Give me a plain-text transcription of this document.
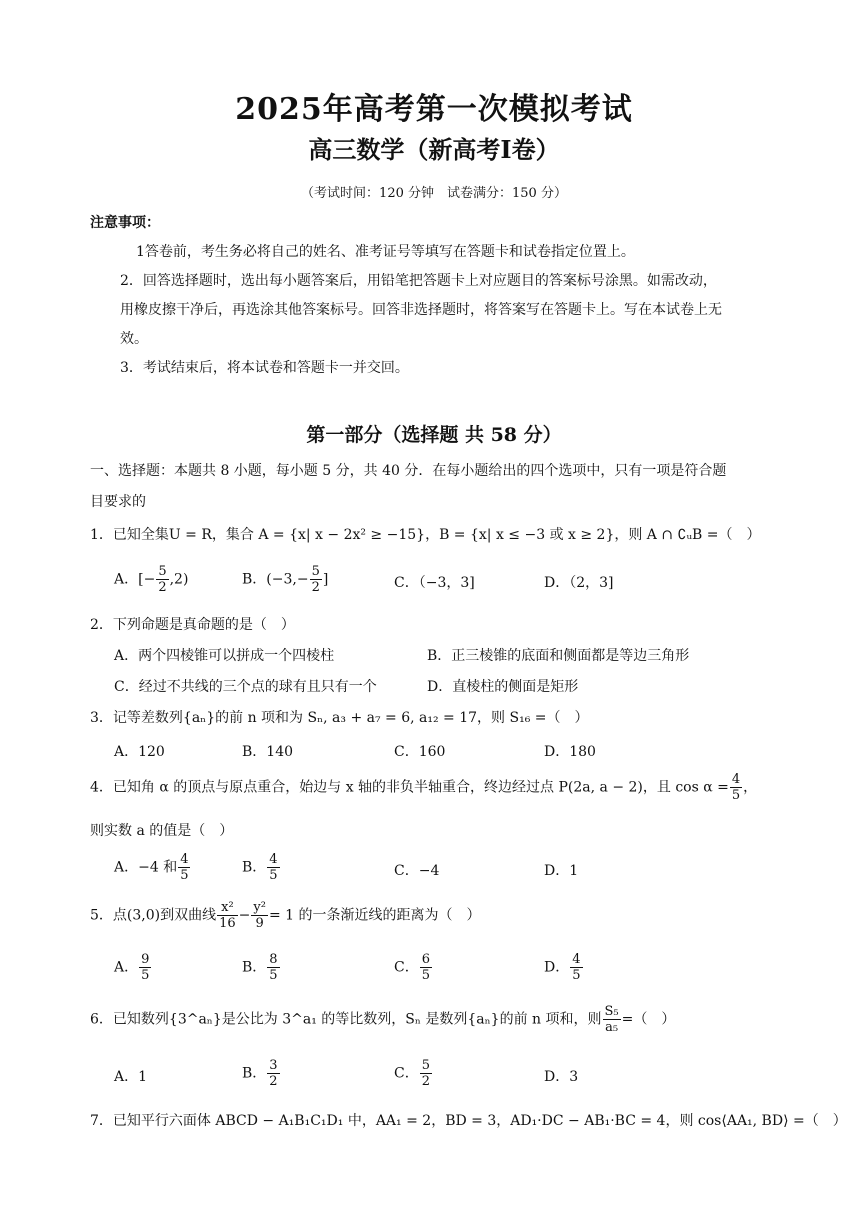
2025年高考第一次模拟考试
高三数学（新高考I卷）
（考试时间：120 分钟　试卷满分：150 分）
注意事项：
1答卷前，考生务必将自己的姓名、准考证号等填写在答题卡和试卷指定位置上。
2．回答选择题时，选出每小题答案后，用铅笔把答题卡上对应题目的答案标号涂黑。如需改动，
用橡皮擦干净后，再选涂其他答案标号。回答非选择题时，将答案写在答题卡上。写在本试卷上无
效。
3．考试结束后，将本试卷和答题卡一并交回。
第一部分（选择题 共 58 分）
一、选择题：本题共 8 小题，每小题 5 分，共 40 分．在每小题给出的四个选项中，只有一项是符合题
目要求的
1．已知全集U = R，集合 A = {x| x − 2x² ≥ −15}，B = {x| x ≤ −3 或 x ≥ 2}，则 A ∩ ∁ᵤB =（　）
A．[− $\frac{5}{2} ,2$)	B．($-3,- \frac{5}{2}$ ]	C．（−3，3]	D．（2，3]
2．下列命题是真命题的是（　）
A．两个四棱锥可以拼成一个四棱柱	B．正三棱锥的底面和侧面都是等边三角形
C．经过不共线的三个点的球有且只有一个	D．直棱柱的侧面是矩形
3．记等差数列{aₙ}的前 n 项和为 Sₙ, a₃ + a₇ = 6, a₁₂ = 17，则 S₁₆ =（　）
A．120	B．140	C．160	D．180
4．已知角 α 的顶点与原点重合，始边与 x 轴的非负半轴重合，终边经过点 P(2a, a − 2)，且 $\cos \alpha = \frac{4}{5}$ ，
则实数 a 的值是（　）
A．−4 和 $\frac{4}{5}$	B． $\frac{4}{5}$	C．−4	D．1
5．点(3,0)到双曲线 $\frac{\text{x²}}{16} - \frac{\text{y²}}{9} = 1$ 的一条渐近线的距离为（　）
A． $\frac{9}{5}$	B． $\frac{8}{5}$	C． $\frac{6}{5}$	D． $\frac{4}{5}$
6．已知数列{3^aₙ}是公比为 3^a₁ 的等比数列，Sₙ 是数列{aₙ}的前 n 项和，则 $\frac{\text{S₅}}{\text{a₅}}$ =（　）
A．1	B． $\frac{3}{2}$	C． $\frac{5}{2}$	D．3
7．已知平行六面体 ABCD − A₁B₁C₁D₁ 中，AA₁ = 2，BD = 3，AD₁·DC − AB₁·BC = 4，则 cos⟨AA₁, BD⟩ =（　）
